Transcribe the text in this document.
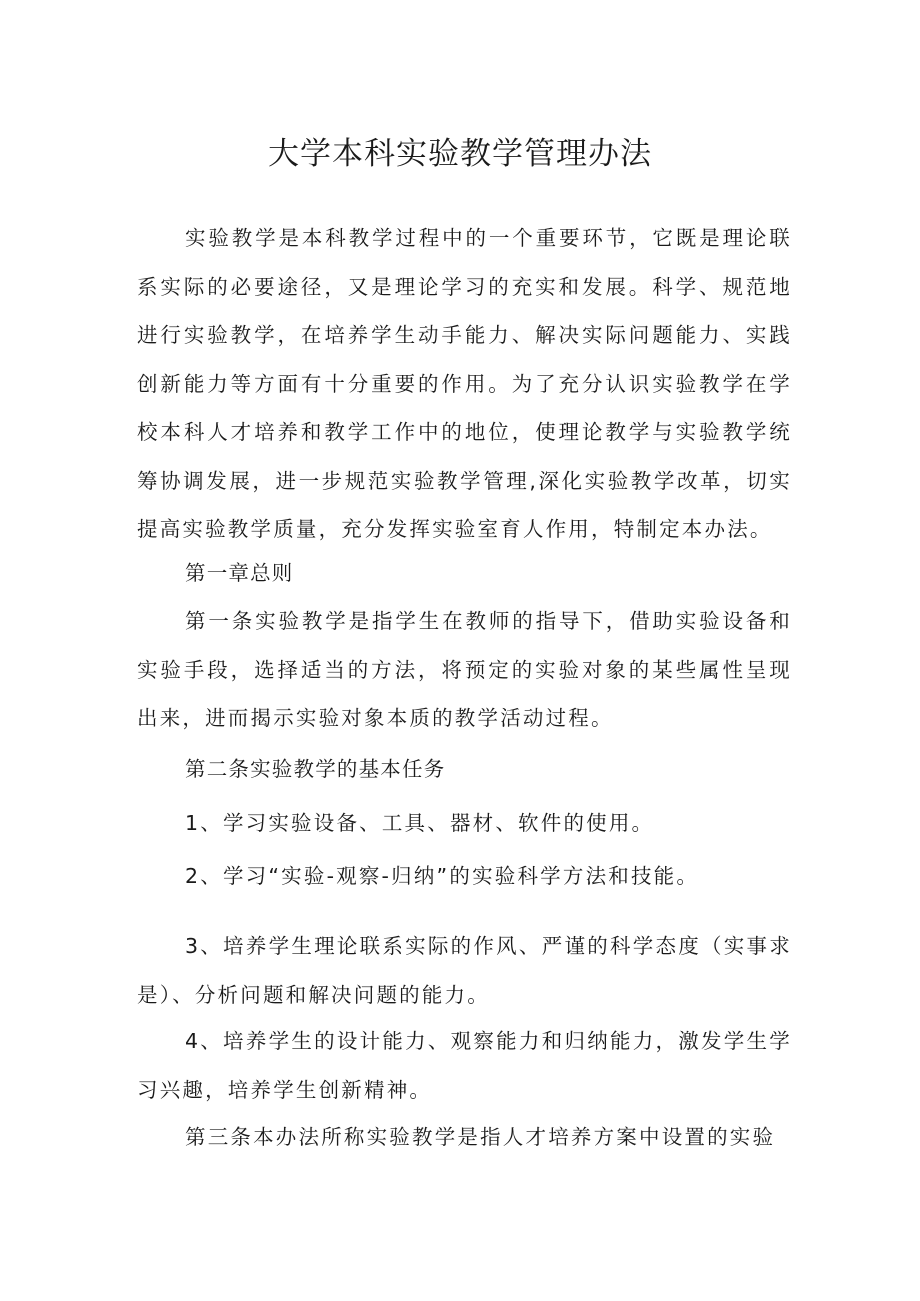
大学本科实验教学管理办法

实验教学是本科教学过程中的一个重要环节，它既是理论联系实际的必要途径，又是理论学习的充实和发展。科学、规范地进行实验教学，在培养学生动手能力、解决实际问题能力、实践创新能力等方面有十分重要的作用。为了充分认识实验教学在学校本科人才培养和教学工作中的地位，使理论教学与实验教学统筹协调发展，进一步规范实验教学管理,深化实验教学改革，切实提高实验教学质量，充分发挥实验室育人作用，特制定本办法。

第一章总则

第一条实验教学是指学生在教师的指导下，借助实验设备和实验手段，选择适当的方法，将预定的实验对象的某些属性呈现出来，进而揭示实验对象本质的教学活动过程。

第二条实验教学的基本任务

1、学习实验设备、工具、器材、软件的使用。

2、学习“实验-观察-归纳”的实验科学方法和技能。

3、培养学生理论联系实际的作风、严谨的科学态度（实事求是）、分析问题和解决问题的能力。

4、培养学生的设计能力、观察能力和归纳能力，激发学生学习兴趣，培养学生创新精神。

第三条本办法所称实验教学是指人才培养方案中设置的实验
